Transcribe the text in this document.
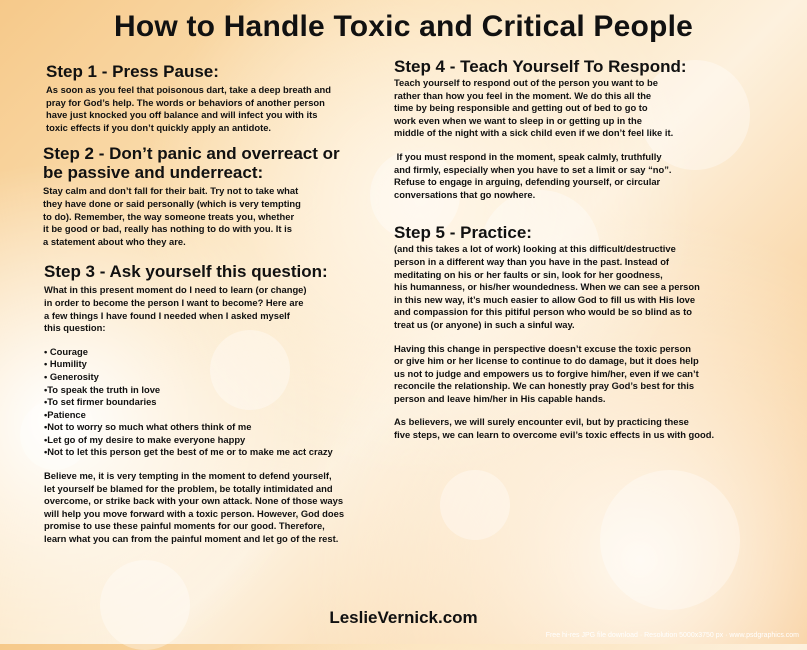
How to Handle Toxic and Critical People
Step 1 - Press Pause:

As soon as you feel that poisonous dart, take a deep breath and

pray for God’s help. The words or behaviors of another person

have just knocked you off balance and will infect you with its

toxic effects if you don’t quickly apply an antidote.

Step 2 - Don’t panic and overreact or
be passive and underreact:

Stay calm and don’t fall for their bait. Try not to take what

they have done or said personally (which is very tempting

to do). Remember, the way someone treats you, whether

it be good or bad, really has nothing to do with you. It is

a statement about who they are.

Step 3 - Ask yourself this question:

What in this present moment do I need to learn (or change)

in order to become the person I want to become? Here are

a few things I have found I needed when I asked myself

this question:

• Courage
• Humility
• Generosity
•To speak the truth in love
•To set firmer boundaries
•Patience
•Not to worry so much what others think of me
•Let go of my desire to make everyone happy
•Not to let this person get the best of me or to make me act crazy

Believe me, it is very tempting in the moment to defend yourself,

let yourself be blamed for the problem, be totally intimidated and

overcome, or strike back with your own attack. None of those ways

will help you move forward with a toxic person. However, God does

promise to use these painful moments for our good. Therefore,

learn what you can from the painful moment and let go of the rest.

Step 4 - Teach Yourself To Respond:

Teach yourself to respond out of the person you want to be

rather than how you feel in the moment. We do this all the

time by being responsible and getting out of bed to go to

work even when we want to sleep in or getting up in the

middle of the night with a sick child even if we don’t feel like it.

If you must respond in the moment, speak calmly, truthfully

and firmly, especially when you have to set a limit or say “no”.

Refuse to engage in arguing, defending yourself, or circular

conversations that go nowhere.

Step 5 - Practice:

(and this takes a lot of work) looking at this difficult/destructive

person in a different way than you have in the past. Instead of

meditating on his or her faults or sin, look for her goodness,

his humanness, or his/her woundedness. When we can see a person

in this new way, it’s much easier to allow God to fill us with His love

and compassion for this pitiful person who would be so blind as to

treat us (or anyone) in such a sinful way.

Having this change in perspective doesn’t excuse the toxic person

or give him or her license to continue to do damage, but it does help

us not to judge and empowers us to forgive him/her, even if we can’t

reconcile the relationship. We can honestly pray God’s best for this

person and leave him/her in His capable hands.

As believers, we will surely encounter evil, but by practicing these

five steps, we can learn to overcome evil’s toxic effects in us with good.

LeslieVernick.com
Free hi-res JPG file download · Resolution 5000x3750 px · www.psdgraphics.com
